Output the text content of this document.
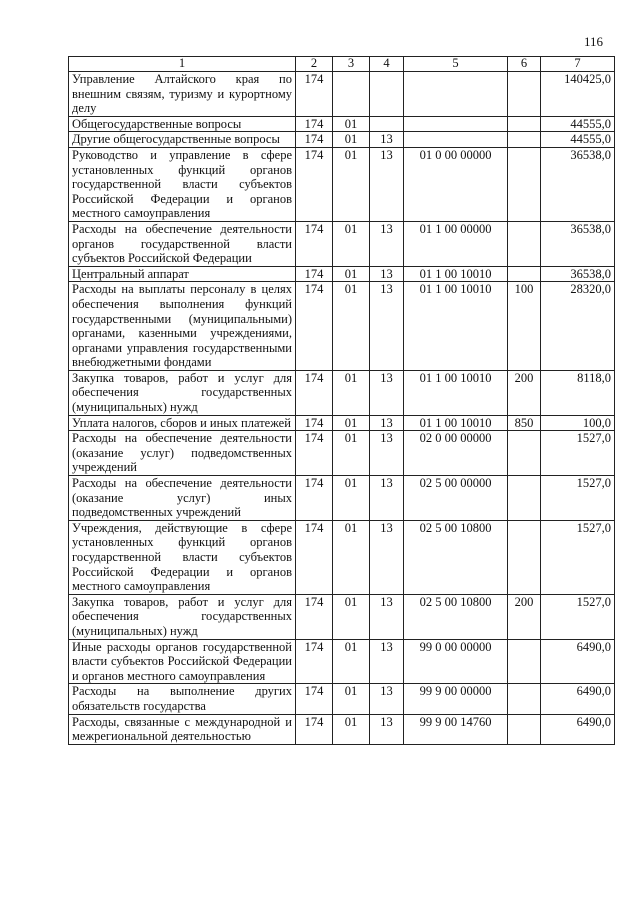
116
1	2	3	4	5	6	7
Управление Алтайского края по внешним связям, туризму и курортному делу	174					140425,0
Общегосударственные вопросы	174	01				44555,0
Другие общегосударственные вопросы	174	01	13			44555,0
Руководство и управление в сфере установленных функций органов государственной власти субъектов Российской Федерации и органов местного самоуправления	174	01	13	01 0 00 00000		36538,0
Расходы на обеспечение деятельности органов государственной власти субъектов Российской Федерации	174	01	13	01 1 00 00000		36538,0
Центральный аппарат	174	01	13	01 1 00 10010		36538,0
Расходы на выплаты персоналу в целях обеспечения выполнения функций государственными (муниципальными) органами, казенными учреждениями, органами управления государственными внебюджетными фондами	174	01	13	01 1 00 10010	100	28320,0
Закупка товаров, работ и услуг для обеспечения государственных (муниципальных) нужд	174	01	13	01 1 00 10010	200	8118,0
Уплата налогов, сборов и иных платежей	174	01	13	01 1 00 10010	850	100,0
Расходы на обеспечение деятельности (оказание услуг) подведомственных учреждений	174	01	13	02 0 00 00000		1527,0
Расходы на обеспечение деятельности (оказание услуг) иных подведомственных учреждений	174	01	13	02 5 00 00000		1527,0
Учреждения, действующие в сфере установленных функций органов государственной власти субъектов Российской Федерации и органов местного самоуправления	174	01	13	02 5 00 10800		1527,0
Закупка товаров, работ и услуг для обеспечения государственных (муниципальных) нужд	174	01	13	02 5 00 10800	200	1527,0
Иные расходы органов государственной власти субъектов Российской Федерации и органов местного самоуправления	174	01	13	99 0 00 00000		6490,0
Расходы на выполнение других обязательств государства	174	01	13	99 9 00 00000		6490,0
Расходы, связанные с международной и межрегиональной деятельностью	174	01	13	99 9 00 14760		6490,0
